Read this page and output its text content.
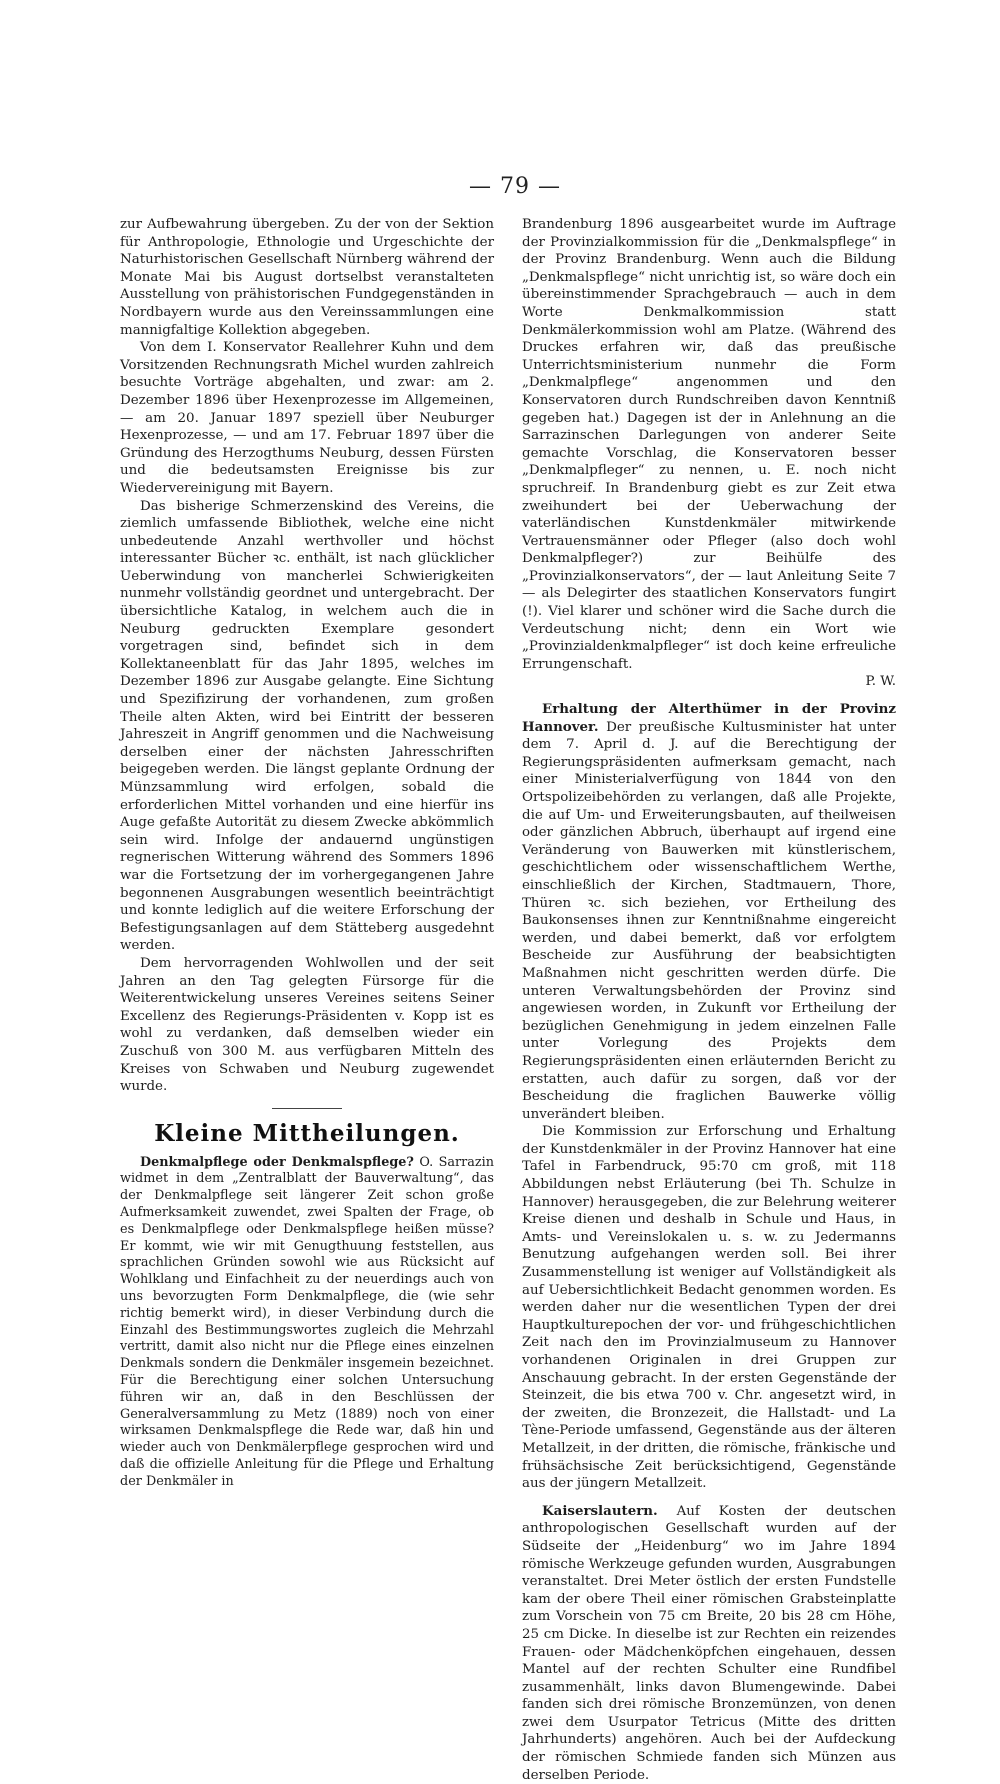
— 79 —

zur Aufbewahrung übergeben. Zu der von der Sektion für Anthropologie, Ethnologie und Urgeschichte der Naturhistorischen Gesellschaft Nürnberg während der Monate Mai bis August dortselbst veranstalteten Ausstellung von prähistorischen Fundgegenständen in Nordbayern wurde aus den Vereinssammlungen eine mannigfaltige Kollektion abgegeben.

Von dem I. Konservator Reallehrer Kuhn und dem Vorsitzenden Rechnungsrath Michel wurden zahlreich besuchte Vorträge abgehalten, und zwar: am 2. Dezember 1896 über Hexenprozesse im Allgemeinen, — am 20. Januar 1897 speziell über Neuburger Hexenprozesse, — und am 17. Februar 1897 über die Gründung des Herzogthums Neuburg, dessen Fürsten und die bedeutsamsten Ereignisse bis zur Wiedervereinigung mit Bayern.

Das bisherige Schmerzenskind des Vereins, die ziemlich umfassende Bibliothek, welche eine nicht unbedeutende Anzahl werthvoller und höchst interessanter Bücher ꝛc. enthält, ist nach glücklicher Ueberwindung von mancherlei Schwierigkeiten nunmehr vollständig geordnet und untergebracht. Der übersichtliche Katalog, in welchem auch die in Neuburg gedruckten Exemplare gesondert vorgetragen sind, befindet sich in dem Kollektaneenblatt für das Jahr 1895, welches im Dezember 1896 zur Ausgabe gelangte. Eine Sichtung und Spezifizirung der vorhandenen, zum großen Theile alten Akten, wird bei Eintritt der besseren Jahreszeit in Angriff genommen und die Nachweisung derselben einer der nächsten Jahresschriften beigegeben werden. Die längst geplante Ordnung der Münzsammlung wird erfolgen, sobald die erforderlichen Mittel vorhanden und eine hierfür ins Auge gefaßte Autorität zu diesem Zwecke abkömmlich sein wird. Infolge der andauernd ungünstigen regnerischen Witterung während des Sommers 1896 war die Fortsetzung der im vorhergegangenen Jahre begonnenen Ausgrabungen wesentlich beeinträchtigt und konnte lediglich auf die weitere Erforschung der Befestigungsanlagen auf dem Stätteberg ausgedehnt werden.

Dem hervorragenden Wohlwollen und der seit Jahren an den Tag gelegten Fürsorge für die Weiterentwickelung unseres Vereines seitens Seiner Excellenz des Regierungs-Präsidenten v. Kopp ist es wohl zu verdanken, daß demselben wieder ein Zuschuß von 300 M. aus verfügbaren Mitteln des Kreises von Schwaben und Neuburg zugewendet wurde.

Kleine Mittheilungen.

Denkmalpflege oder Denkmalspflege? O. Sarrazin widmet in dem „Zentralblatt der Bauverwaltung“, das der Denkmalpflege seit längerer Zeit schon große Aufmerksamkeit zuwendet, zwei Spalten der Frage, ob es Denkmalpflege oder Denkmalspflege heißen müsse? Er kommt, wie wir mit Genugthuung feststellen, aus sprachlichen Gründen sowohl wie aus Rücksicht auf Wohlklang und Einfachheit zu der neuerdings auch von uns bevorzugten Form Denkmalpflege, die (wie sehr richtig bemerkt wird), in dieser Verbindung durch die Einzahl des Bestimmungswortes zugleich die Mehrzahl vertritt, damit also nicht nur die Pflege eines einzelnen Denkmals sondern die Denkmäler insgemein bezeichnet. Für die Berechtigung einer solchen Untersuchung führen wir an, daß in den Beschlüssen der Generalversammlung zu Metz (1889) noch von einer wirksamen Denkmalspflege die Rede war, daß hin und wieder auch von Denkmälerpflege gesprochen wird und daß die offizielle Anleitung für die Pflege und Erhaltung der Denkmäler in

Brandenburg 1896 ausgearbeitet wurde im Auftrage der Provinzialkommission für die „Denkmalspflege“ in der Provinz Brandenburg. Wenn auch die Bildung „Denkmalspflege“ nicht unrichtig ist, so wäre doch ein übereinstimmender Sprachgebrauch — auch in dem Worte Denkmalkommission statt Denkmälerkommission wohl am Platze. (Während des Druckes erfahren wir, daß das preußische Unterrichtsministerium nunmehr die Form „Denkmalpflege“ angenommen und den Konservatoren durch Rundschreiben davon Kenntniß gegeben hat.) Dagegen ist der in Anlehnung an die Sarrazinschen Darlegungen von anderer Seite gemachte Vorschlag, die Konservatoren besser „Denkmalpfleger“ zu nennen, u. E. noch nicht spruchreif. In Brandenburg giebt es zur Zeit etwa zweihundert bei der Ueberwachung der vaterländischen Kunstdenkmäler mitwirkende Vertrauensmänner oder Pfleger (also doch wohl Denkmalpfleger?) zur Beihülfe des „Provinzialkonservators“, der — laut Anleitung Seite 7 — als Delegirter des staatlichen Konservators fungirt (!). Viel klarer und schöner wird die Sache durch die Verdeutschung nicht; denn ein Wort wie „Provinzialdenkmalpfleger“ ist doch keine erfreuliche Errungenschaft.

P. W.

Erhaltung der Alterthümer in der Provinz Hannover. Der preußische Kultusminister hat unter dem 7. April d. J. auf die Berechtigung der Regierungspräsidenten aufmerksam gemacht, nach einer Ministerialverfügung von 1844 von den Ortspolizeibehörden zu verlangen, daß alle Projekte, die auf Um- und Erweiterungsbauten, auf theilweisen oder gänzlichen Abbruch, überhaupt auf irgend eine Veränderung von Bauwerken mit künstlerischem, geschichtlichem oder wissenschaftlichem Werthe, einschließlich der Kirchen, Stadtmauern, Thore, Thüren ꝛc. sich beziehen, vor Ertheilung des Baukonsenses ihnen zur Kenntnißnahme eingereicht werden, und dabei bemerkt, daß vor erfolgtem Bescheide zur Ausführung der beabsichtigten Maßnahmen nicht geschritten werden dürfe. Die unteren Verwaltungsbehörden der Provinz sind angewiesen worden, in Zukunft vor Ertheilung der bezüglichen Genehmigung in jedem einzelnen Falle unter Vorlegung des Projekts dem Regierungspräsidenten einen erläuternden Bericht zu erstatten, auch dafür zu sorgen, daß vor der Bescheidung die fraglichen Bauwerke völlig unverändert bleiben.

Die Kommission zur Erforschung und Erhaltung der Kunstdenkmäler in der Provinz Hannover hat eine Tafel in Farbendruck, 95:70 cm groß, mit 118 Abbildungen nebst Erläuterung (bei Th. Schulze in Hannover) herausgegeben, die zur Belehrung weiterer Kreise dienen und deshalb in Schule und Haus, in Amts- und Vereinslokalen u. s. w. zu Jedermanns Benutzung aufgehangen werden soll. Bei ihrer Zusammenstellung ist weniger auf Vollständigkeit als auf Uebersichtlichkeit Bedacht genommen worden. Es werden daher nur die wesentlichen Typen der drei Hauptkulturepochen der vor- und frühgeschichtlichen Zeit nach den im Provinzialmuseum zu Hannover vorhandenen Originalen in drei Gruppen zur Anschauung gebracht. In der ersten Gegenstände der Steinzeit, die bis etwa 700 v. Chr. angesetzt wird, in der zweiten, die Bronzezeit, die Hallstadt- und La Tène-Periode umfassend, Gegenstände aus der älteren Metallzeit, in der dritten, die römische, fränkische und frühsächsische Zeit berücksichtigend, Gegenstände aus der jüngern Metallzeit.

Kaiserslautern. Auf Kosten der deutschen anthropologischen Gesellschaft wurden auf der Südseite der „Heidenburg“ wo im Jahre 1894 römische Werkzeuge gefunden wurden, Ausgrabungen veranstaltet. Drei Meter östlich der ersten Fundstelle kam der obere Theil einer römischen Grabsteinplatte zum Vorschein von 75 cm Breite, 20 bis 28 cm Höhe, 25 cm Dicke. In dieselbe ist zur Rechten ein reizendes Frauen- oder Mädchenköpfchen eingehauen, dessen Mantel auf der rechten Schulter eine Rundfibel zusammenhält, links davon Blumengewinde. Dabei fanden sich drei römische Bronzemünzen, von denen zwei dem Usurpator Tetricus (Mitte des dritten Jahrhunderts) angehören. Auch bei der Aufdeckung der römischen Schmiede fanden sich Münzen aus derselben Periode.
